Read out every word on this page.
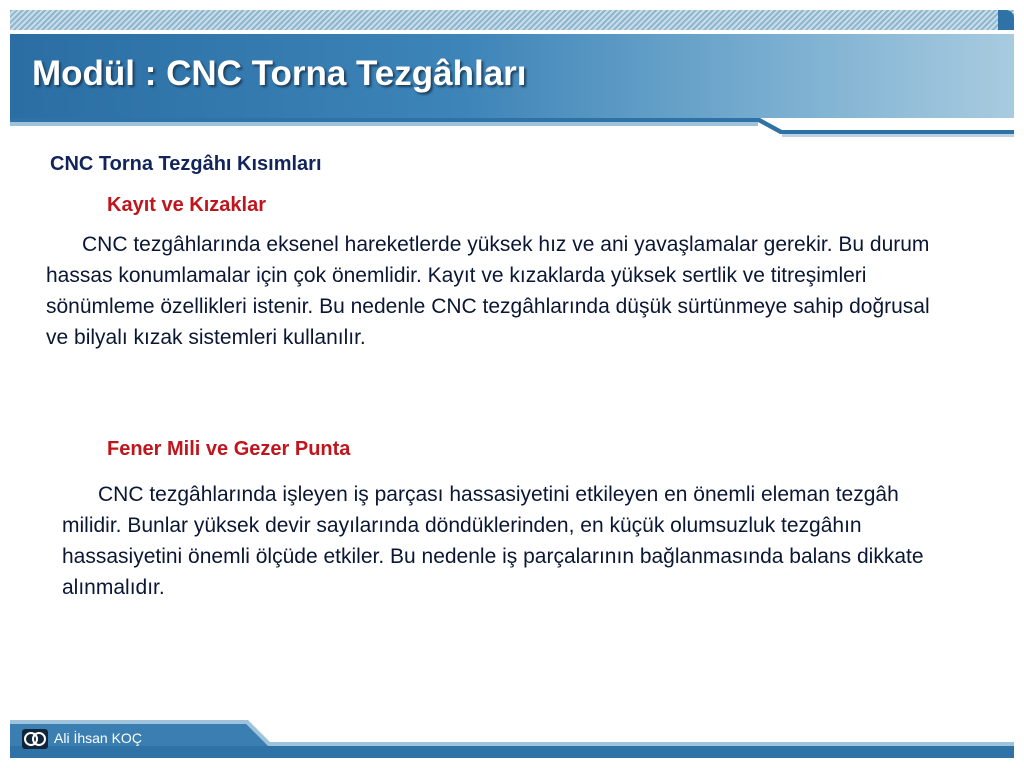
Modül : CNC Torna Tezgâhları
CNC Torna Tezgâhı Kısımları
Kayıt ve Kızaklar

CNC tezgâhlarında eksenel hareketlerde yüksek hız ve ani yavaşlamalar gerekir. Bu durum hassas konumlamalar için çok önemlidir. Kayıt ve kızaklarda yüksek sertlik ve titreşimleri sönümleme özellikleri istenir. Bu nedenle CNC tezgâhlarında düşük sürtünmeye sahip doğrusal ve bilyalı kızak sistemleri kullanılır.

Fener Mili ve Gezer Punta

CNC tezgâhlarında işleyen iş parçası hassasiyetini etkileyen en önemli eleman tezgâh milidir. Bunlar yüksek devir sayılarında döndüklerinden, en küçük olumsuzluk tezgâhın hassasiyetini önemli ölçüde etkiler. Bu nedenle iş parçalarının bağlanmasında balans dikkate alınmalıdır.

Ali İhsan KOÇ
